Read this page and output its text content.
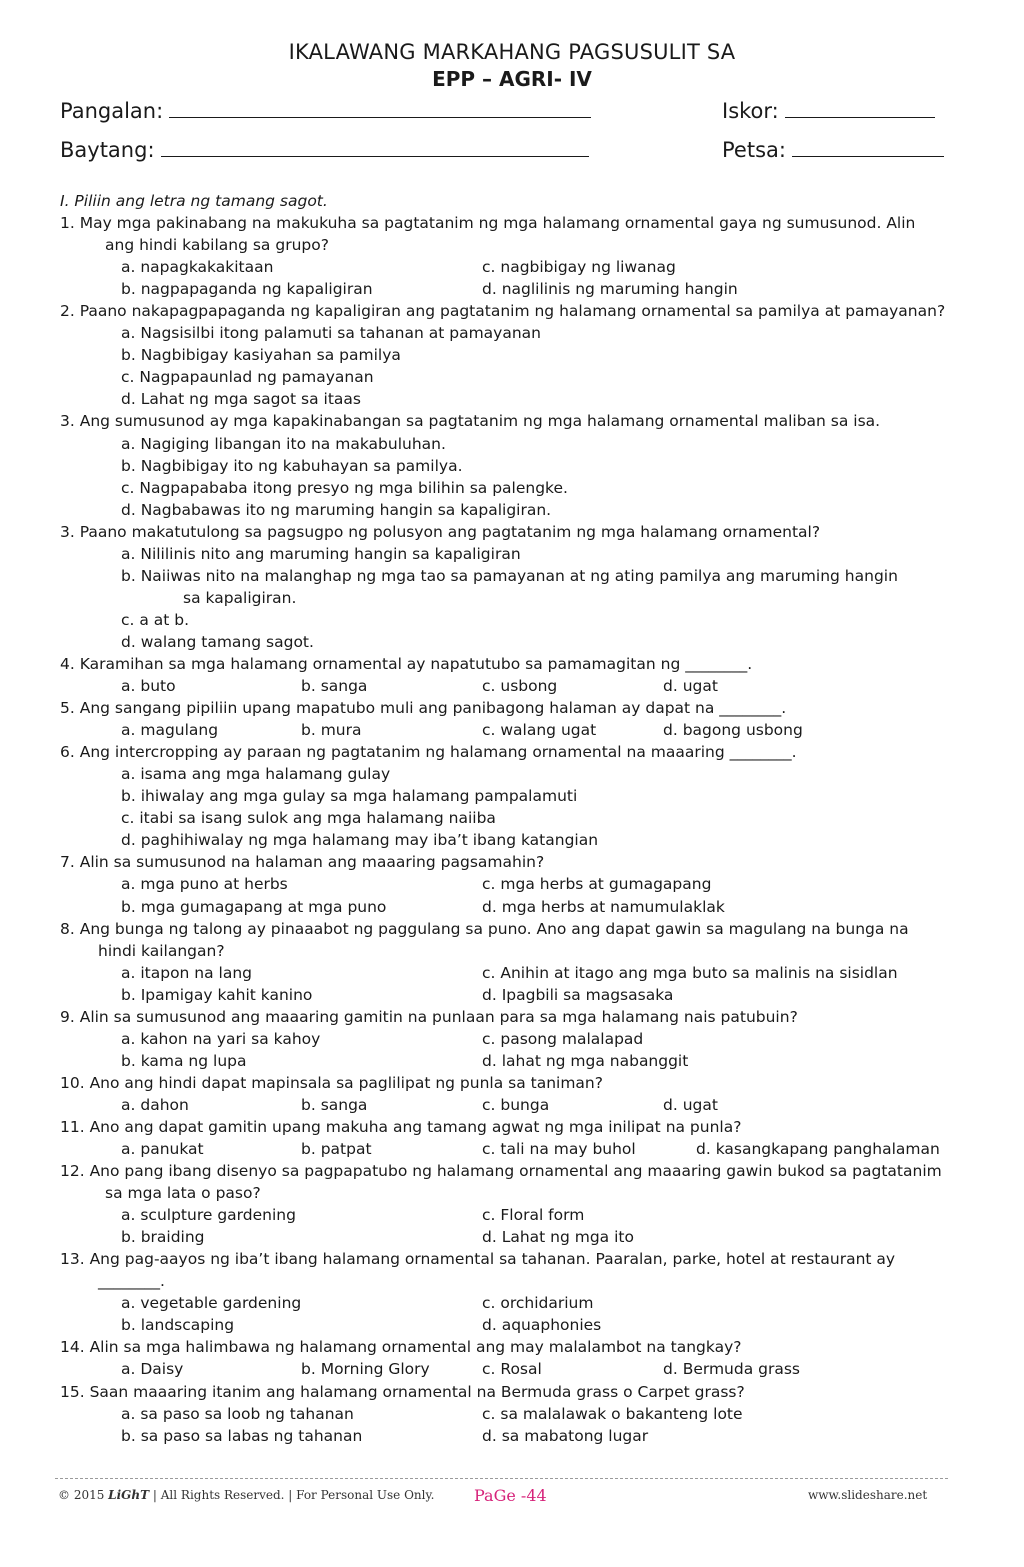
IKALAWANG MARKAHANG PAGSUSULIT SA
EPP – AGRI- IV
Pangalan:	Iskor:
Baytang:	Petsa:
I. Piliin ang letra ng tamang sagot.
1. May mga pakinabang na makukuha sa pagtatanim ng mga halamang ornamental gaya ng sumusunod. Alin
ang hindi kabilang sa grupo?
a. napagkakakitaan	c. nagbibigay ng liwanag
b. nagpapaganda ng kapaligiran	d. naglilinis ng maruming hangin
2. Paano nakapagpapaganda ng kapaligiran ang pagtatanim ng halamang ornamental sa pamilya at pamayanan?
a. Nagsisilbi itong palamuti sa tahanan at pamayanan
b. Nagbibigay kasiyahan sa pamilya
c. Nagpapaunlad ng pamayanan
d. Lahat ng mga sagot sa itaas
3. Ang sumusunod ay mga kapakinabangan sa pagtatanim ng mga halamang ornamental maliban sa isa.
a. Nagiging libangan ito na makabuluhan.
b. Nagbibigay ito ng kabuhayan sa pamilya.
c. Nagpapababa itong presyo ng mga bilihin sa palengke.
d. Nagbabawas ito ng maruming hangin sa kapaligiran.
3. Paano makatutulong sa pagsugpo ng polusyon ang pagtatanim ng mga halamang ornamental?
a. Nililinis nito ang maruming hangin sa kapaligiran
b. Naiiwas nito na malanghap ng mga tao sa pamayanan at ng ating pamilya ang maruming hangin
sa kapaligiran.
c. a at b.
d. walang tamang sagot.
4. Karamihan sa mga halamang ornamental ay napatutubo sa pamamagitan ng ________.
a. buto	b. sanga	c. usbong	d. ugat
5. Ang sangang pipiliin upang mapatubo muli ang panibagong halaman ay dapat na ________.
a. magulang	b. mura	c. walang ugat	d. bagong usbong
6. Ang intercropping ay paraan ng pagtatanim ng halamang ornamental na maaaring ________.
a. isama ang mga halamang gulay
b. ihiwalay ang mga gulay sa mga halamang pampalamuti
c. itabi sa isang sulok ang mga halamang naiiba
d. paghihiwalay ng mga halamang may iba’t ibang katangian
7. Alin sa sumusunod na halaman ang maaaring pagsamahin?
a. mga puno at herbs	c. mga herbs at gumagapang
b. mga gumagapang at mga puno	d. mga herbs at namumulaklak
8. Ang bunga ng talong ay pinaaabot ng paggulang sa puno. Ano ang dapat gawin sa magulang na bunga na
hindi kailangan?
a. itapon na lang	c. Anihin at itago ang mga buto sa malinis na sisidlan
b. Ipamigay kahit kanino	d. Ipagbili sa magsasaka
9. Alin sa sumusunod ang maaaring gamitin na punlaan para sa mga halamang nais patubuin?
a. kahon na yari sa kahoy	c. pasong malalapad
b. kama ng lupa	d. lahat ng mga nabanggit
10. Ano ang hindi dapat mapinsala sa paglilipat ng punla sa taniman?
a. dahon	b. sanga	c. bunga	d. ugat
11. Ano ang dapat gamitin upang makuha ang tamang agwat ng mga inilipat na punla?
a. panukat	b. patpat	c. tali na may buhol	d. kasangkapang panghalaman
12. Ano pang ibang disenyo sa pagpapatubo ng halamang ornamental ang maaaring gawin bukod sa pagtatanim
sa mga lata o paso?
a. sculpture gardening	c. Floral form
b. braiding	d. Lahat ng mga ito
13. Ang pag-aayos ng iba’t ibang halamang ornamental sa tahanan. Paaralan, parke, hotel at restaurant ay
________.
a. vegetable gardening	c. orchidarium
b. landscaping	d. aquaphonies
14. Alin sa mga halimbawa ng halamang ornamental ang may malalambot na tangkay?
a. Daisy	b. Morning Glory	c. Rosal	d. Bermuda grass
15. Saan maaaring itanim ang halamang ornamental na Bermuda grass o Carpet grass?
a. sa paso sa loob ng tahanan	c. sa malalawak o bakanteng lote
b. sa paso sa labas ng tahanan	d. sa mabatong lugar
© 2015 LiGhT | All Rights Reserved. | For Personal Use Only. PaGe -44	www.slideshare.net
